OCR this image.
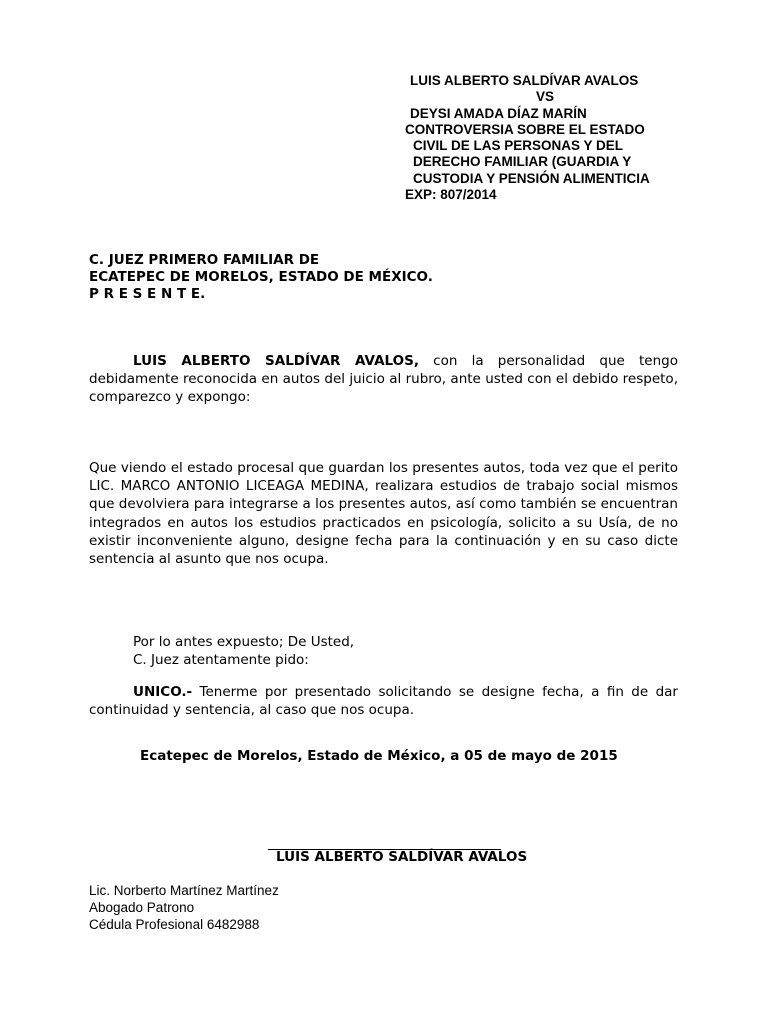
LUIS ALBERTO SALDÍVAR AVALOS
VS
DEYSI AMADA DÍAZ MARÍN
CONTROVERSIA SOBRE EL ESTADO
CIVIL DE LAS PERSONAS Y DEL
DERECHO FAMILIAR (GUARDIA Y
CUSTODIA Y PENSIÓN ALIMENTICIA
EXP: 807/2014
C. JUEZ PRIMERO FAMILIAR DE
ECATEPEC DE MORELOS, ESTADO DE MÉXICO.
P R E S E N T E.

LUIS ALBERTO SALDÍVAR AVALOS, con la personalidad que tengo debidamente reconocida en autos del juicio al rubro, ante usted con el debido respeto, comparezco y expongo:

Que viendo el estado procesal que guardan los presentes autos, toda vez que el perito LIC. MARCO ANTONIO LICEAGA MEDINA, realizara estudios de trabajo social mismos que devolviera para integrarse a los presentes autos, así como también se encuentran integrados en autos los estudios practicados en psicología, solicito a su Usía, de no existir inconveniente alguno, designe fecha para la continuación y en su caso dicte sentencia al asunto que nos ocupa.

Por lo antes expuesto; De Usted,
C. Juez atentamente pido:

UNICO.- Tenerme por presentado solicitando se designe fecha, a fin de dar continuidad y sentencia, al caso que nos ocupa.

Ecatepec de Morelos, Estado de México, a 05 de mayo de 2015
LUIS ALBERTO SALDÍVAR AVALOS
Lic. Norberto Martínez Martínez
Abogado Patrono
Cédula Profesional 6482988
